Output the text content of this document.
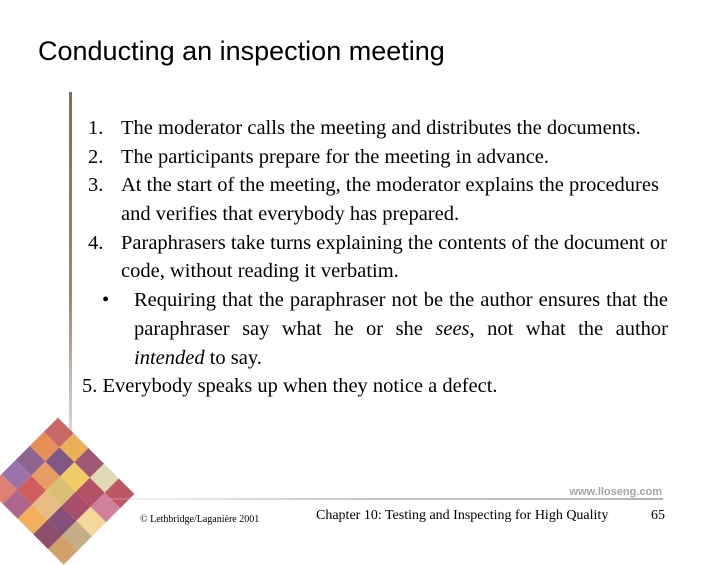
Conducting an inspection meeting
1. The moderator calls the meeting and distributes the documents.
2. The participants prepare for the meeting in advance.
3. At the start of the meeting, the moderator explains the procedures and verifies that everybody has prepared.
4. Paraphrasers take turns explaining the contents of the document or code, without reading it verbatim.
•	Requiring that the paraphraser not be the author ensures that the paraphraser say what he or she sees, not what the author intended to say.
5. Everybody speaks up when they notice a defect.
www.lloseng.com
© Lethbridge/Laganière 2001	Chapter 10: Testing and Inspecting for High Quality	65
